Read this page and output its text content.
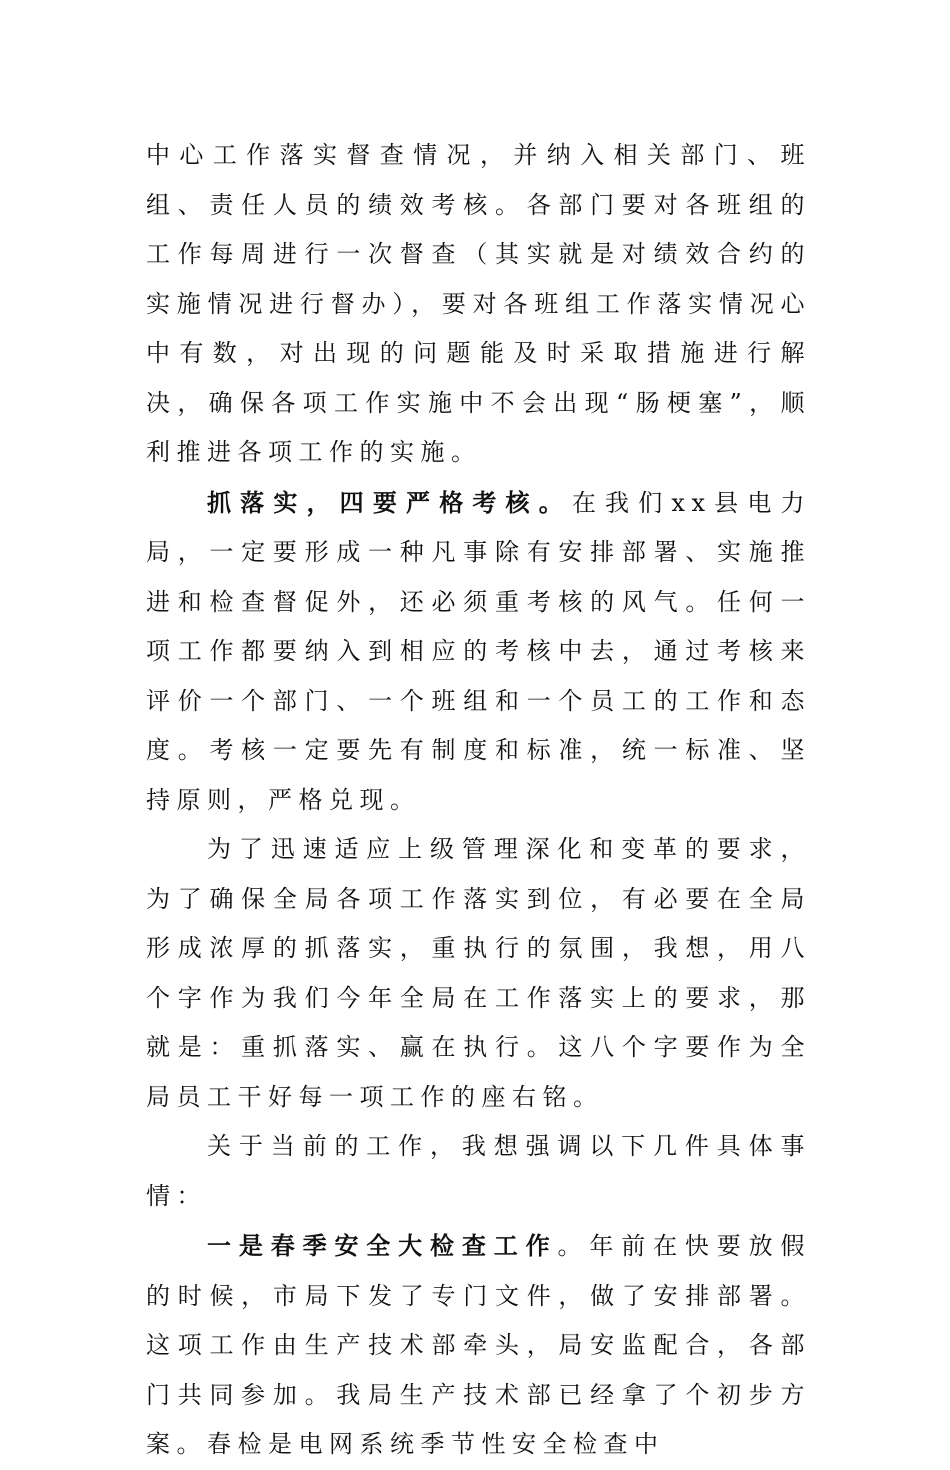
中心工作落实督查情况，并纳入相关部门、班组、责任人员的绩效考核。各部门要对各班组的工作每周进行一次督查（其实就是对绩效合约的实施情况进行督办），要对各班组工作落实情况心中有数，对出现的问题能及时采取措施进行解决，确保各项工作实施中不会出现“肠梗塞”，顺利推进各项工作的实施。

抓落实，四要严格考核。在我们xx县电力局，一定要形成一种凡事除有安排部署、实施推进和检查督促外，还必须重考核的风气。任何一项工作都要纳入到相应的考核中去，通过考核来评价一个部门、一个班组和一个员工的工作和态度。考核一定要先有制度和标准，统一标准、坚持原则，严格兑现。

为了迅速适应上级管理深化和变革的要求，为了确保全局各项工作落实到位，有必要在全局形成浓厚的抓落实，重执行的氛围，我想，用八个字作为我们今年全局在工作落实上的要求，那就是：重抓落实、赢在执行。这八个字要作为全局员工干好每一项工作的座右铭。

关于当前的工作，我想强调以下几件具体事情：

一是春季安全大检查工作。年前在快要放假的时候，市局下发了专门文件，做了安排部署。这项工作由生产技术部牵头，局安监配合，各部门共同参加。我局生产技术部已经拿了个初步方案。春检是电网系统季节性安全检查中
